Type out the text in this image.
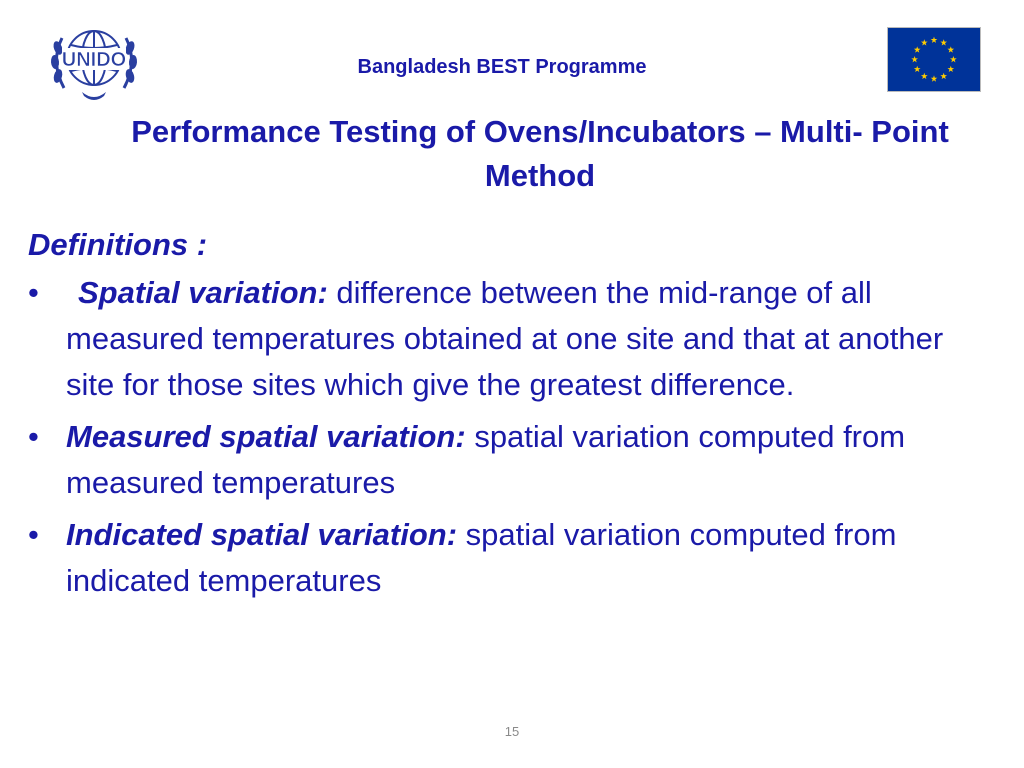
UNIDO	Bangladesh BEST Programme
Performance Testing of Ovens/Incubators – Multi- Point Method
Definitions :
•	Spatial variation: difference between the mid-range of all measured temperatures obtained at one site and that at another site for those sites which give the greatest difference.
• Measured spatial variation: spatial variation computed from measured temperatures
• Indicated spatial variation: spatial variation computed from indicated temperatures
15
